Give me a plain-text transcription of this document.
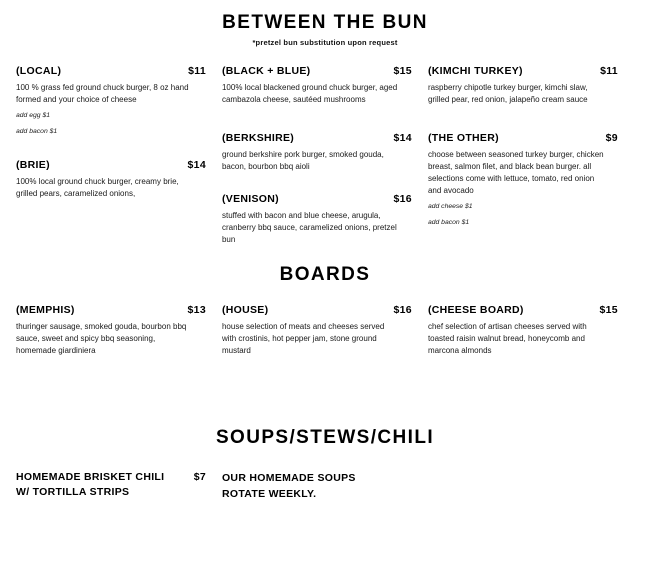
BETWEEN THE BUN
*pretzel bun substitution upon request
(LOCAL)	$11
100 % grass fed ground chuck burger, 8 oz hand formed and your choice of cheese
add egg $1
add bacon $1
(BRIE)	$14
100% local ground chuck burger, creamy brie, grilled pears, caramelized onions,
(BLACK + BLUE)	$15
100% local blackened ground chuck burger, aged cambazola cheese, sautéed mushrooms
(BERKSHIRE)	$14
ground berkshire pork burger, smoked gouda, bacon, bourbon bbq aioli
(VENISON)	$16
stuffed with bacon and blue cheese, arugula, cranberry bbq sauce, caramelized onions, pretzel bun
(KIMCHI TURKEY)	$11
raspberry chipotle turkey burger, kimchi slaw, grilled pear, red onion, jalapeño cream sauce
(THE OTHER)	$9
choose between seasoned turkey burger, chicken breast, salmon filet, and black bean burger. all selections come with lettuce, tomato, red onion and avocado
add cheese $1
add bacon $1
BOARDS
(MEMPHIS)	$13
thuringer sausage, smoked gouda, bourbon bbq sauce, sweet and spicy bbq seasoning, homemade giardiniera
(HOUSE)	$16
house selection of meats and cheeses served with crostinis, hot pepper jam, stone ground mustard
(CHEESE BOARD)	$15
chef selection of artisan cheeses served with toasted raisin walnut bread, honeycomb and marcona almonds
SOUPS/STEWS/CHILI
HOMEMADE BRISKET CHILI	$7
W/ TORTILLA STRIPS
OUR HOMEMADE SOUPS
ROTATE WEEKLY.
